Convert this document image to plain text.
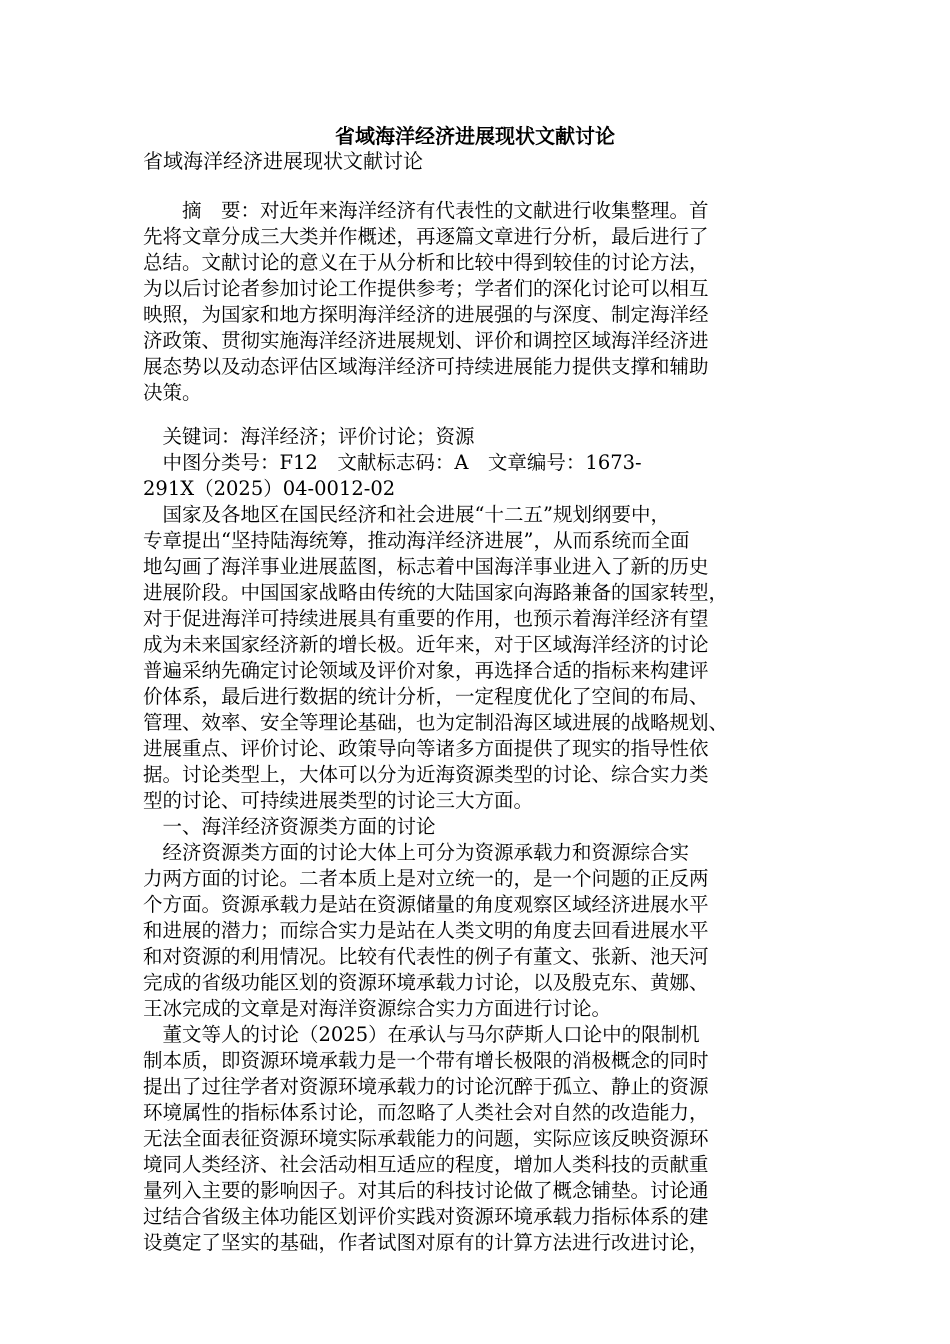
省域海洋经济进展现状文献讨论
省域海洋经济进展现状文献讨论
　　摘　要：对近年来海洋经济有代表性的文献进行收集整理。首
先将文章分成三大类并作概述，再逐篇文章进行分析，最后进行了
总结。文献讨论的意义在于从分析和比较中得到较佳的讨论方法，
为以后讨论者参加讨论工作提供参考；学者们的深化讨论可以相互
映照，为国家和地方探明海洋经济的进展强的与深度、制定海洋经
济政策、贯彻实施海洋经济进展规划、评价和调控区域海洋经济进
展态势以及动态评估区域海洋经济可持续进展能力提供支撑和辅助
决策。
　关键词：海洋经济；评价讨论；资源
　中图分类号：F12　文献标志码：A　文章编号：1673-
291X（2025）04-0012-02
　国家及各地区在国民经济和社会进展“十二五”规划纲要中，
专章提出“坚持陆海统筹，推动海洋经济进展”，从而系统而全面
地勾画了海洋事业进展蓝图，标志着中国海洋事业进入了新的历史
进展阶段。中国国家战略由传统的大陆国家向海路兼备的国家转型，
对于促进海洋可持续进展具有重要的作用，也预示着海洋经济有望
成为未来国家经济新的增长极。近年来，对于区域海洋经济的讨论
普遍采纳先确定讨论领域及评价对象，再选择合适的指标来构建评
价体系，最后进行数据的统计分析，一定程度优化了空间的布局、
管理、效率、安全等理论基础，也为定制沿海区域进展的战略规划、
进展重点、评价讨论、政策导向等诸多方面提供了现实的指导性依
据。讨论类型上，大体可以分为近海资源类型的讨论、综合实力类
型的讨论、可持续进展类型的讨论三大方面。
　一、海洋经济资源类方面的讨论
　经济资源类方面的讨论大体上可分为资源承载力和资源综合实
力两方面的讨论。二者本质上是对立统一的，是一个问题的正反两
个方面。资源承载力是站在资源储量的角度观察区域经济进展水平
和进展的潜力；而综合实力是站在人类文明的角度去回看进展水平
和对资源的利用情况。比较有代表性的例子有董文、张新、池天河
完成的省级功能区划的资源环境承载力讨论，以及殷克东、黄娜、
王冰完成的文章是对海洋资源综合实力方面进行讨论。
　董文等人的讨论（2025）在承认与马尔萨斯人口论中的限制机
制本质，即资源环境承载力是一个带有增长极限的消极概念的同时
提出了过往学者对资源环境承载力的讨论沉醉于孤立、静止的资源
环境属性的指标体系讨论，而忽略了人类社会对自然的改造能力，
无法全面表征资源环境实际承载能力的问题，实际应该反映资源环
境同人类经济、社会活动相互适应的程度，增加人类科技的贡献重
量列入主要的影响因子。对其后的科技讨论做了概念铺垫。讨论通
过结合省级主体功能区划评价实践对资源环境承载力指标体系的建
设奠定了坚实的基础，作者试图对原有的计算方法进行改进讨论，
